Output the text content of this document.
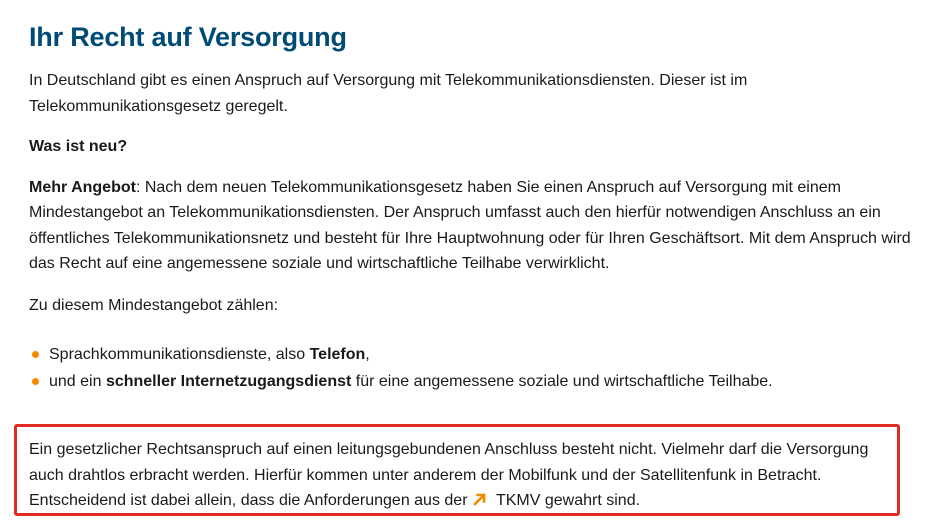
Ihr Recht auf Versorgung

In Deutschland gibt es einen Anspruch auf Versorgung mit Telekommunikationsdiensten. Dieser ist im Telekommunikationsgesetz geregelt.

Was ist neu?

Mehr Angebot: Nach dem neuen Telekommunikationsgesetz haben Sie einen Anspruch auf Versorgung mit einem Mindestangebot an Telekommunikationsdiensten. Der Anspruch umfasst auch den hierfür notwendigen Anschluss an ein öffentliches Telekommunikationsnetz und besteht für Ihre Hauptwohnung oder für Ihren Geschäftsort. Mit dem Anspruch wird das Recht auf eine angemessene soziale und wirtschaftliche Teilhabe verwirklicht.

Zu diesem Mindestangebot zählen:

Sprachkommunikationsdienste, also Telefon,
und ein schneller Internetzugangsdienst für eine angemessene soziale und wirtschaftliche Teilhabe.

Ein gesetzlicher Rechtsanspruch auf einen leitungsgebundenen Anschluss besteht nicht. Vielmehr darf die Versorgung auch drahtlos erbracht werden. Hierfür kommen unter anderem der Mobilfunk und der Satellitenfunk in Betracht. Entscheidend ist dabei allein, dass die Anforderungen aus der TKMV gewahrt sind.
